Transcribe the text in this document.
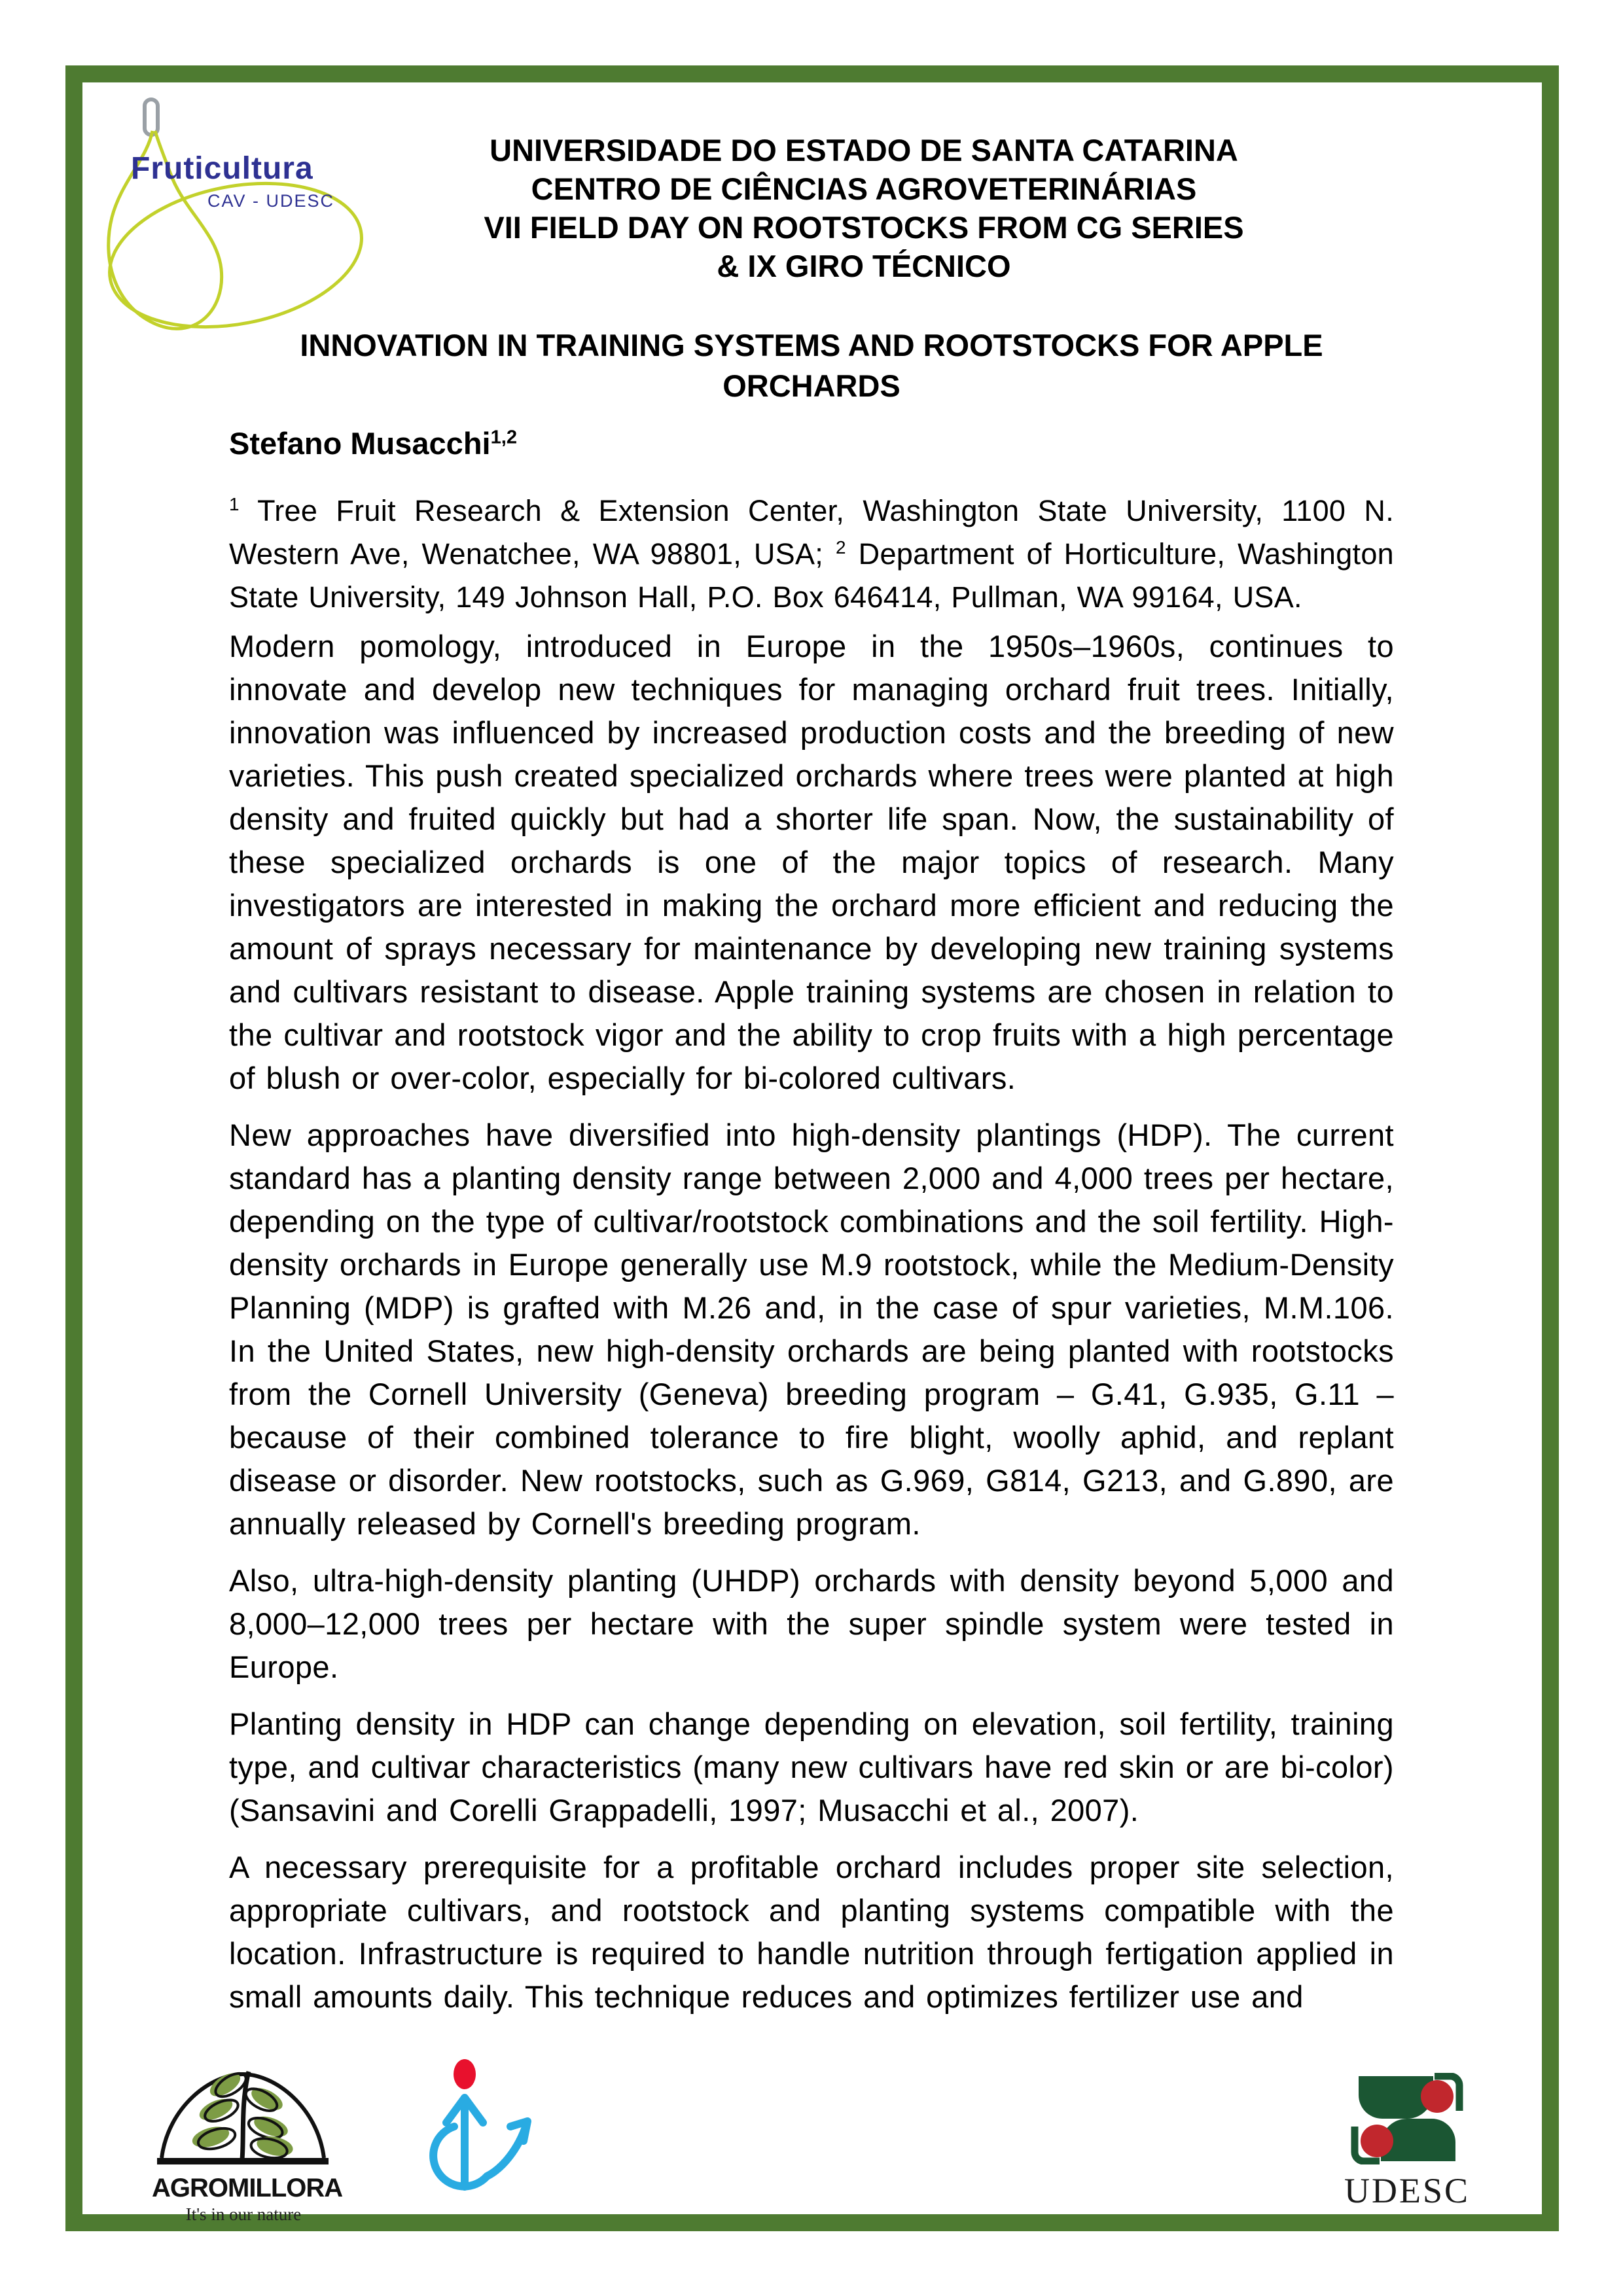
Fruticultura
CAV - UDESC
UNIVERSIDADE DO ESTADO DE SANTA CATARINA
CENTRO DE CIÊNCIAS AGROVETERINÁRIAS
VII FIELD DAY ON ROOTSTOCKS FROM CG SERIES
& IX GIRO TÉCNICO
INNOVATION IN TRAINING SYSTEMS AND ROOTSTOCKS FOR APPLE
ORCHARDS
Stefano Musacchi$^{1,2}$
$^1$ Tree Fruit Research & Extension Center, Washington State University, 1100 N. Western Ave, Wenatchee, WA 98801, USA; $^2$ Department of Horticulture, Washington State University, 149 Johnson Hall, P.O. Box 646414, Pullman, WA 99164, USA.

Modern pomology, introduced in Europe in the 1950s–1960s, continues to innovate and develop new techniques for managing orchard fruit trees. Initially, innovation was influenced by increased production costs and the breeding of new varieties. This push created specialized orchards where trees were planted at high density and fruited quickly but had a shorter life span. Now, the sustainability of these specialized orchards is one of the major topics of research. Many investigators are interested in making the orchard more efficient and reducing the amount of sprays necessary for maintenance by developing new training systems and cultivars resistant to disease. Apple training systems are chosen in relation to the cultivar and rootstock vigor and the ability to crop fruits with a high percentage of blush or over-color, especially for bi-colored cultivars.

New approaches have diversified into high-density plantings (HDP). The current standard has a planting density range between 2,000 and 4,000 trees per hectare, depending on the type of cultivar/rootstock combinations and the soil fertility. High-density orchards in Europe generally use M.9 rootstock, while the Medium-Density Planning (MDP) is grafted with M.26 and, in the case of spur varieties, M.M.106. In the United States, new high-density orchards are being planted with rootstocks from the Cornell University (Geneva) breeding program – G.41, G.935, G.11 – because of their combined tolerance to fire blight, woolly aphid, and replant disease or disorder. New rootstocks, such as G.969, G814, G213, and G.890, are annually released by Cornell's breeding program.

Also, ultra-high-density planting (UHDP) orchards with density beyond 5,000 and 8,000–12,000 trees per hectare with the super spindle system were tested in Europe.

Planting density in HDP can change depending on elevation, soil fertility, training type, and cultivar characteristics (many new cultivars have red skin or are bi-color) (Sansavini and Corelli Grappadelli, 1997; Musacchi et al., 2007).

A necessary prerequisite for a profitable orchard includes proper site selection, appropriate cultivars, and rootstock and planting systems compatible with the location. Infrastructure is required to handle nutrition through fertigation applied in small amounts daily. This technique reduces and optimizes fertilizer use and

AGROMILLORA
It's in our nature
UDESC
